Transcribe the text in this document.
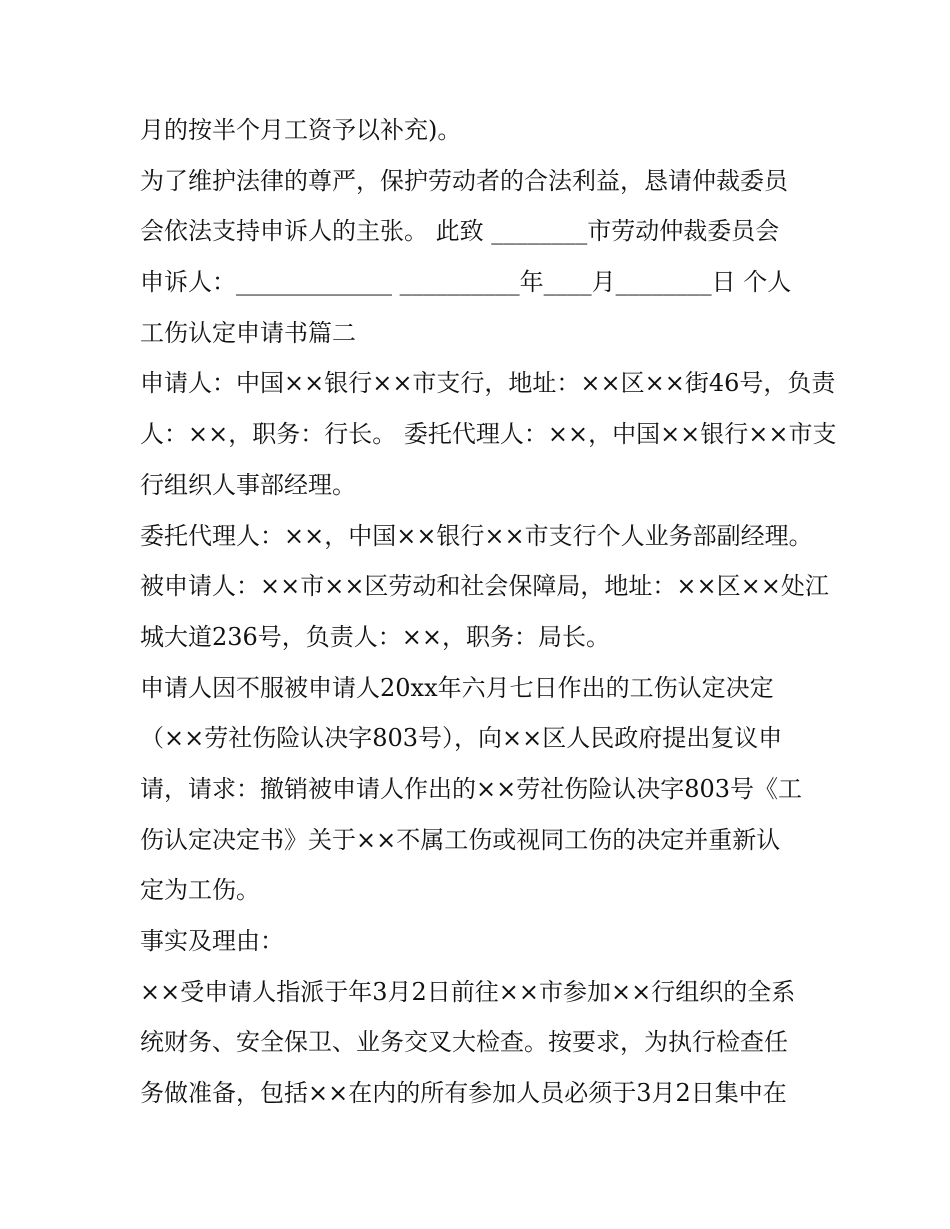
月的按半个月工资予以补充)。
为了维护法律的尊严，保护劳动者的合法利益，恳请仲裁委员
会依法支持申诉人的主张。 此致 ________市劳动仲裁委员会
申诉人：_____________ __________年____月________日 个人
工伤认定申请书篇二
申请人：中国××银行××市支行，地址：××区××街46号，负责
人：××，职务：行长。 委托代理人：××，中国××银行××市支
行组织人事部经理。
委托代理人：××，中国××银行××市支行个人业务部副经理。
被申请人：××市××区劳动和社会保障局，地址：××区××处江
城大道236号，负责人：××，职务：局长。
申请人因不服被申请人20xx年六月七日作出的工伤认定决定
（××劳社伤险认决字803号），向××区人民政府提出复议申
请，请求：撤销被申请人作出的××劳社伤险认决字803号《工
伤认定决定书》关于××不属工伤或视同工伤的决定并重新认
定为工伤。
事实及理由：
××受申请人指派于年3月2日前往××市参加××行组织的全系
统财务、安全保卫、业务交叉大检查。按要求，为执行检查任
务做准备，包括××在内的所有参加人员必须于3月2日集中在
